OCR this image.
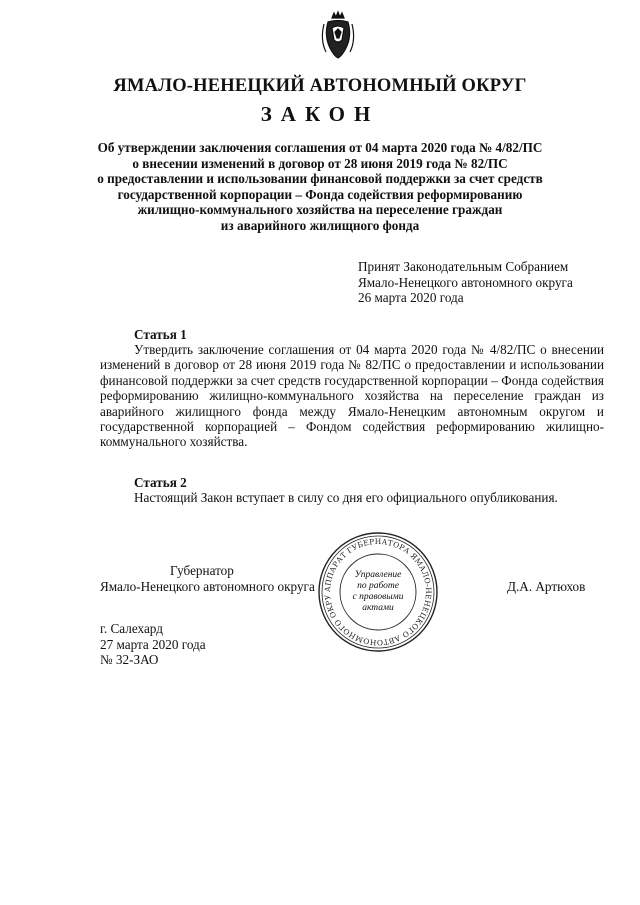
ЯМАЛО-НЕНЕЦКИЙ АВТОНОМНЫЙ ОКРУГ
ЗАКОН
Об утверждении заключения соглашения от 04 марта 2020 года № 4/82/ПС
о внесении изменений в договор от 28 июня 2019 года № 82/ПС
о предоставлении и использовании финансовой поддержки за счет средств
государственной корпорации – Фонда содействия реформированию
жилищно-коммунального хозяйства на переселение граждан
из аварийного жилищного фонда
Принят Законодательным Собранием
Ямало-Ненецкого автономного округа
26 марта 2020 года
Статья 1
Утвердить заключение соглашения от 04 марта 2020 года № 4/82/ПС о внесении изменений в договор от 28 июня 2019 года № 82/ПС о предоставлении и использовании финансовой поддержки за счет средств государственной корпорации – Фонда содействия реформированию жилищно-коммунального хозяйства на переселение граждан из аварийного жилищного фонда между Ямало-Ненецким автономным округом и государственной корпорацией – Фондом содействия реформированию жилищно-коммунального хозяйства.
Статья 2
Настоящий Закон вступает в силу со дня его официального опубликования.
Губернатор
Ямало-Ненецкого автономного округа	Д.А. Артюхов
АППАРАТ ГУБЕРНАТОРА ЯМАЛО-НЕНЕЦКОГО АВТОНОМНОГО ОКРУ
Управление
по работе
с правовыми
актами
г. Салехард
27 марта 2020 года
№ 32-ЗАО
